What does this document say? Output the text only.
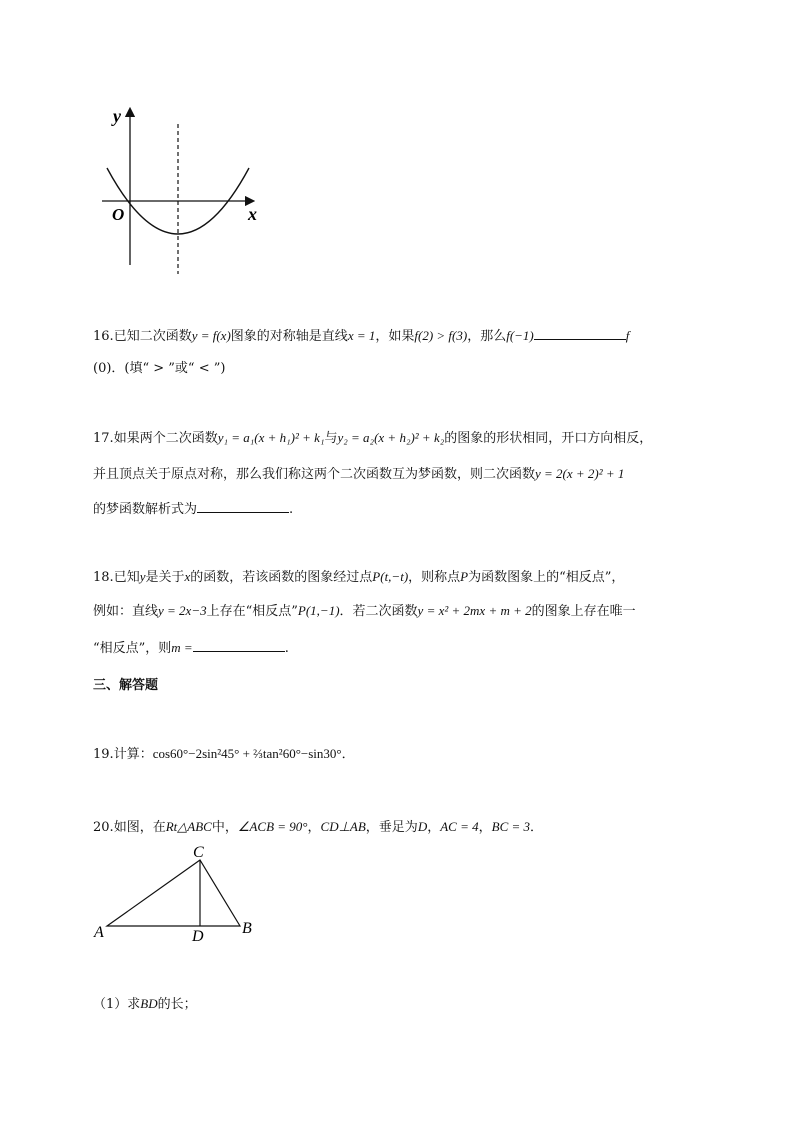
y
x
O
16.已知二次函数y = f(x)图象的对称轴是直线x = 1，如果f(2) > f(3)，那么f(−1)	f
(0)．(填“ > ”或“ < ”)
17.如果两个二次函数y₁ = a₁(x + h₁)² + k₁与y₂ = a₂(x + h₂)² + k₂的图象的形状相同，开口方向相反，
并且顶点关于原点对称，那么我们称这两个二次函数互为梦函数，则二次函数y = 2(x + 2)² + 1
的梦函数解析式为	.
18.已知y是关于x的函数，若该函数的图象经过点P(t,−t)，则称点P为函数图象上的“相反点”，
例如：直线y = 2x−3上存在“相反点”P(1,−1)．若二次函数y = x² + 2mx + m + 2的图象上存在唯一
“相反点”，则m =	.
三、解答题
19.计算：cos60°−2sin²45° + ⅔tan²60°−sin30°．
20.如图，在Rt△ABC中，∠ACB = 90°，CD⊥AB，垂足为D，AC = 4，BC = 3．
C
A	B
D
（1）求BD的长；
